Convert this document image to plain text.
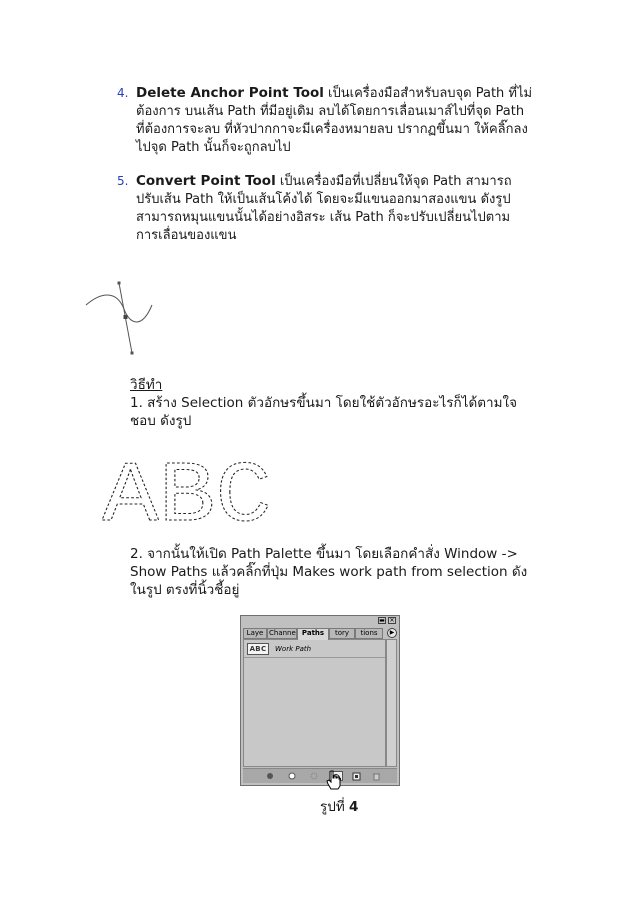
4. Delete Anchor Point Tool เป็นเครื่องมือสำหรับลบจุด Path ที่ไม่
ต้องการ บนเส้น Path ที่มีอยู่เดิม ลบได้โดยการเลื่อนเมาส์ไปที่จุด Path
ที่ต้องการจะลบ ที่หัวปากกาจะมีเครื่องหมายลบ ปรากฏขึ้นมา ให้คลิ๊กลง
ไปจุด Path นั้นก็จะถูกลบไป
5. Convert Point Tool เป็นเครื่องมือที่เปลี่ยนให้จุด Path สามารถ
ปรับเส้น Path ให้เป็นเส้นโค้งได้ โดยจะมีแขนออกมาสองแขน ดังรูป
สามารถหมุนแขนนั้นได้อย่างอิสระ เส้น Path ก็จะปรับเปลี่ยนไปตาม
การเลื่อนของแขน
วิธีทำ
1. สร้าง Selection ตัวอักษรขึ้นมา โดยใช้ตัวอักษรอะไรก็ได้ตามใจ
ชอบ ดังรูป
ABC
2. จากนั้นให้เปิด Path Palette ขึ้นมา โดยเลือกคำสั่ง Window ->
Show Paths แล้วคลิ๊กที่ปุ่ม Makes work path from selection ดัง
ในรูป ตรงที่นิ้วชี้อยู่
▬ ✕
Laye Channe Paths	tory	tions	▶
ABC	Work Path
รูปที่ 4
